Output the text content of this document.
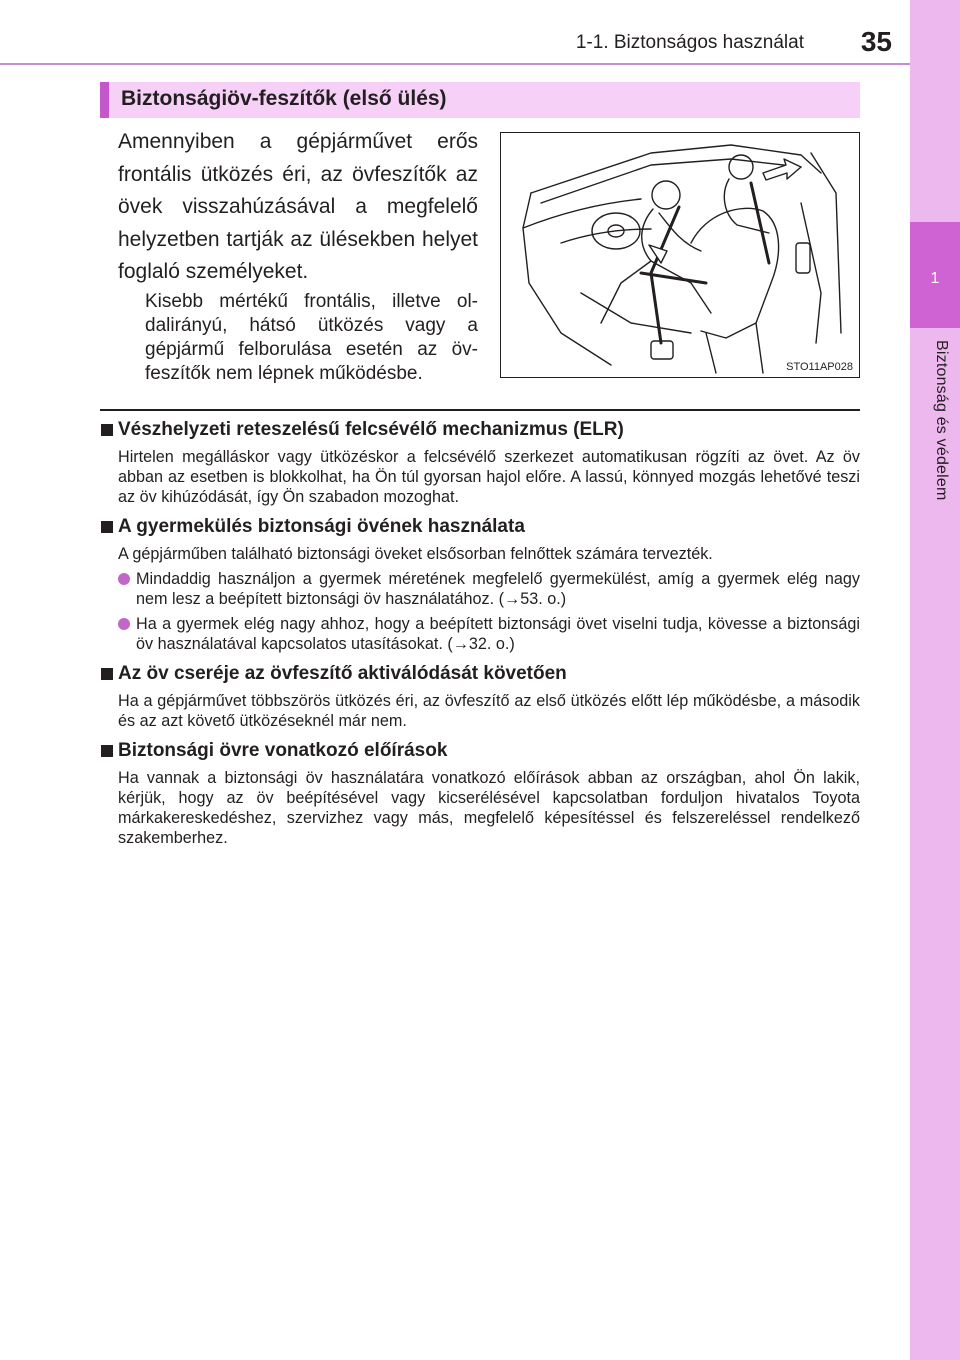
1-1. Biztonságos használat 35
1
Biztonság és védelem
Biztonságiöv-feszítők (első ülés)
Amennyiben a gépjárművet erős frontális ütközés éri, az övfeszítők az övek visszahúzásával a megfelelő helyzetben tartják az ülésekben helyet foglaló személyeket.
Kisebb mértékű frontális, illetve oldalirányú, hátsó ütközés vagy a gépjármű felborulása esetén az övfeszítők nem lépnek működésbe.	STO11AP028
Vészhelyzeti reteszelésű felcsévélő mechanizmus (ELR)
Hirtelen megálláskor vagy ütközéskor a felcsévélő szerkezet automatikusan rögzíti az övet. Az öv abban az esetben is blokkolhat, ha Ön túl gyorsan hajol előre. A lassú, könnyed mozgás lehetővé teszi az öv kihúzódását, így Ön szabadon mozoghat.
A gyermekülés biztonsági övének használata
A gépjárműben található biztonsági öveket elsősorban felnőttek számára tervezték.
Mindaddig használjon a gyermek méretének megfelelő gyermekülést, amíg a gyermek elég nagy nem lesz a beépített biztonsági öv használatához. (→53. o.)
Ha a gyermek elég nagy ahhoz, hogy a beépített biztonsági övet viselni tudja, kövesse a biztonsági öv használatával kapcsolatos utasításokat. (→32. o.)
Az öv cseréje az övfeszítő aktiválódását követően
Ha a gépjárművet többszörös ütközés éri, az övfeszítő az első ütközés előtt lép működésbe, a második és az azt követő ütközéseknél már nem.
Biztonsági övre vonatkozó előírások
Ha vannak a biztonsági öv használatára vonatkozó előírások abban az országban, ahol Ön lakik, kérjük, hogy az öv beépítésével vagy kicserélésével kapcsolatban forduljon hivatalos Toyota márkakereskedéshez, szervizhez vagy más, megfelelő képesítéssel és felszereléssel rendelkező szakemberhez.
